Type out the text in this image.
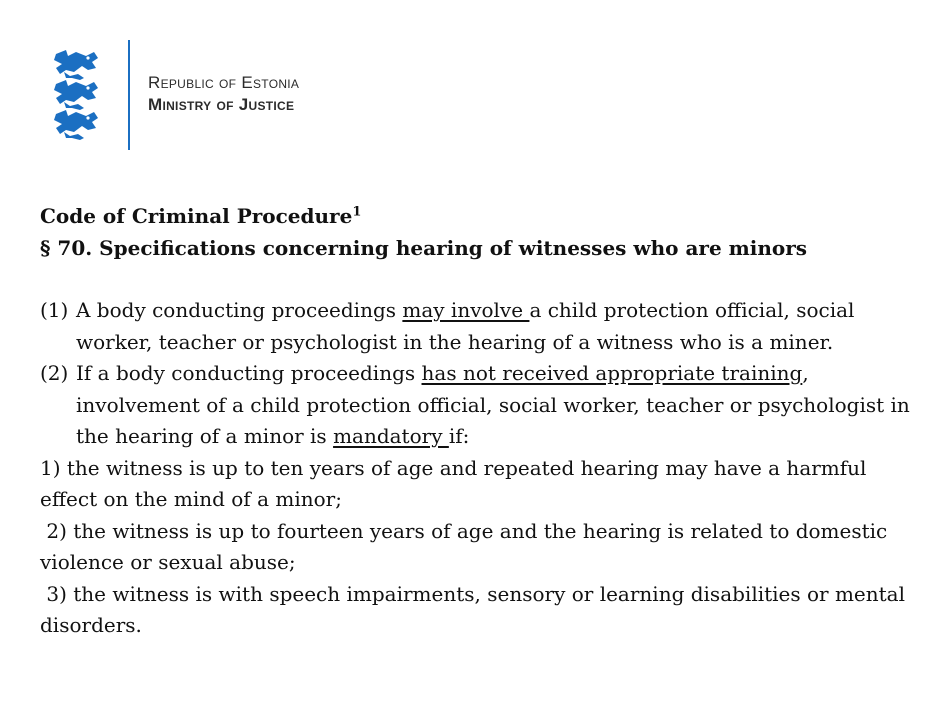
Republic of Estonia
Ministry of Justice
Code of Criminal Procedure$^1$
§ 70. Specifications concerning hearing of witnesses who are minors
(1) A body conducting proceedings may involve a child protection official, social worker, teacher or psychologist in the hearing of a witness who is a miner.
(2) If a body conducting proceedings has not received appropriate training, involvement of a child protection official, social worker, teacher or psychologist in the hearing of a minor is mandatory if:
1) the witness is up to ten years of age and repeated hearing may have a harmful effect on the mind of a minor;
2) the witness is up to fourteen years of age and the hearing is related to domestic violence or sexual abuse;
3) the witness is with speech impairments, sensory or learning disabilities or mental disorders.
